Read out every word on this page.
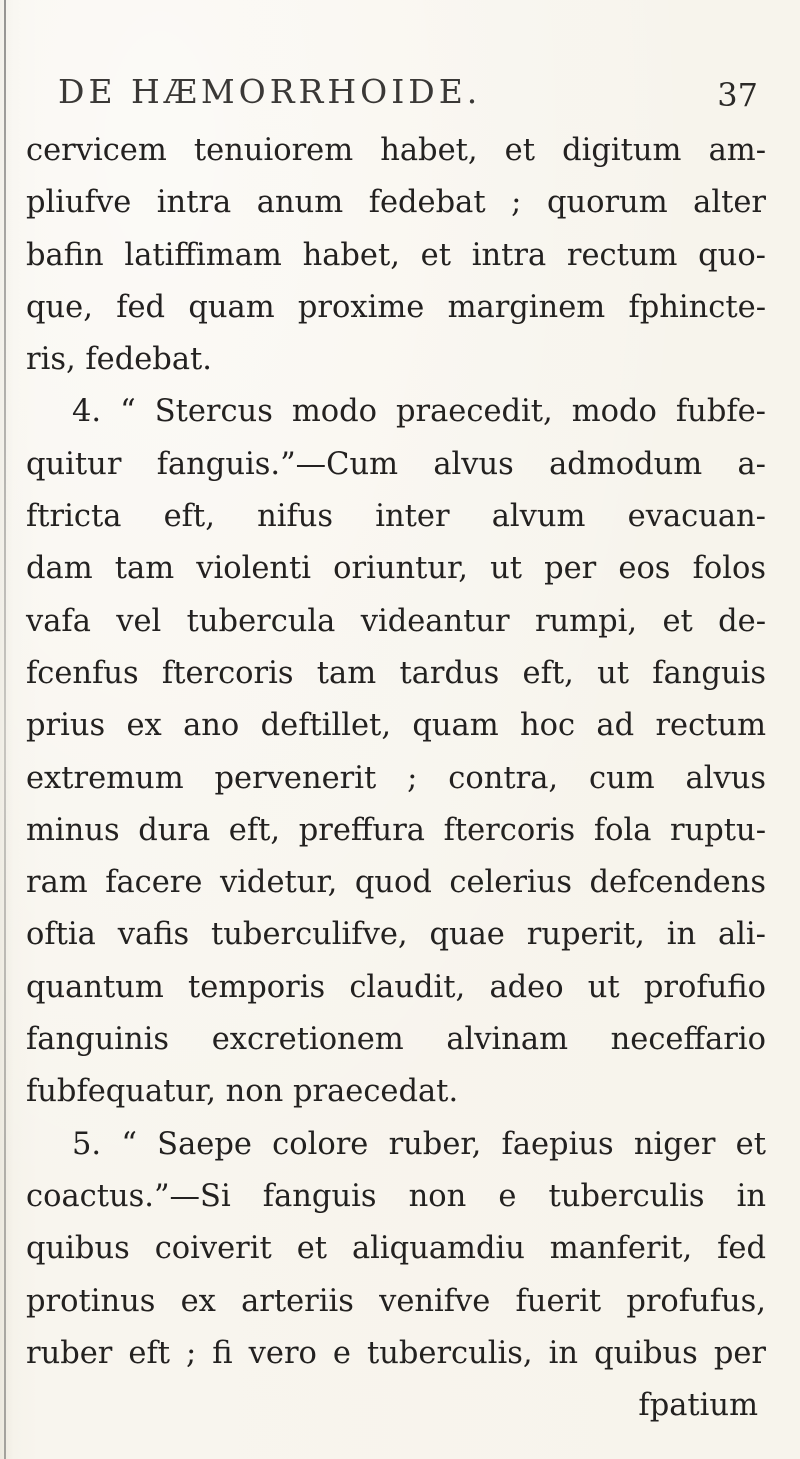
DE HÆMORRHOIDE.	37
cervicem tenuiorem habet, et digitum am-
pliufve intra anum fedebat ; quorum alter
bafin latiffimam habet, et intra rectum quo-
que, fed quam proxime marginem fphincte-
ris, fedebat.
4. “ Stercus modo praecedit, modo fubfe-
quitur fanguis.”—Cum alvus admodum a-
ftricta eft, nifus inter alvum evacuan-
dam tam violenti oriuntur, ut per eos folos
vafa vel tubercula videantur rumpi, et de-
fcenfus ftercoris tam tardus eft, ut fanguis
prius ex ano deftillet, quam hoc ad rectum
extremum pervenerit ; contra, cum alvus
minus dura eft, preffura ftercoris fola ruptu-
ram facere videtur, quod celerius defcendens
oftia vafis tuberculifve, quae ruperit, in ali-
quantum temporis claudit, adeo ut profufio
fanguinis excretionem alvinam neceffario
fubfequatur, non praecedat.
5. “ Saepe colore ruber, faepius niger et
coactus.”—Si fanguis non e tuberculis in
quibus coiverit et aliquamdiu manferit, fed
protinus ex arteriis venifve fuerit profufus,
ruber eft ; fi vero e tuberculis, in quibus per
fpatium
